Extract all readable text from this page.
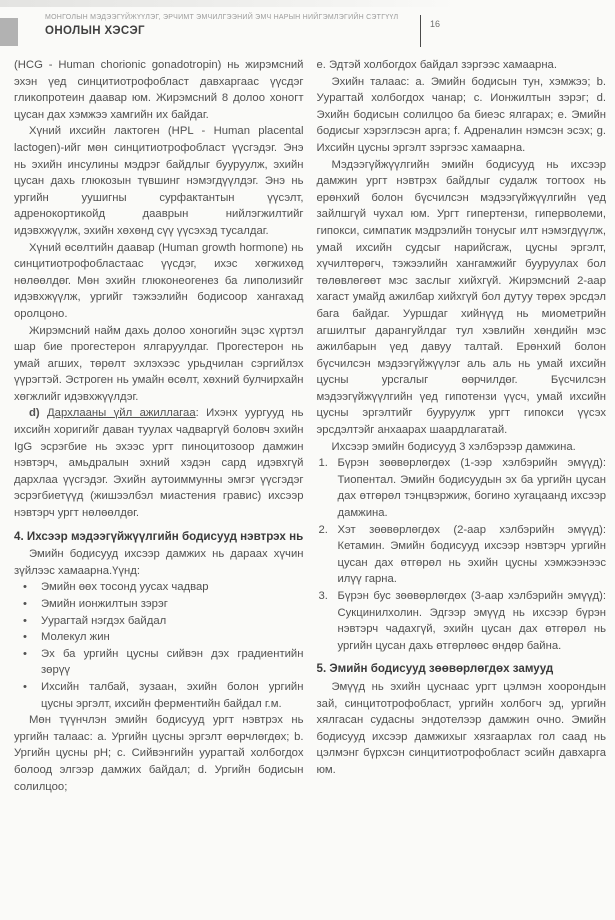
МОНГОЛЫН МЭДЭЭГҮЙЖҮҮЛЭГ, ЭРЧИМТ ЭМЧИЛГЭЭНИЙ ЭМЧ НАРЫН НИЙГЭМЛЭГИЙН СЭТГҮҮЛ
ОНОЛЫН ХЭСЭГ
16

(HCG - Human chorionic gonadotropin) нь жирэмсний эхэн үед синцитиотрофобласт давхаргаас үүсдэг гликопротеин даавар юм. Жирэмсний 8 долоо хоногт цусан дах хэмжээ хамгийн их байдаг.

Хүний ихсийн лактоген (HPL - Human placental lactogen)-ийг мөн синцитиотрофобласт үүсгэдэг. Энэ нь эхийн инсулины мэдрэг байдлыг бууруулж, эхийн цусан дахь глюкозын түвшинг нэмэгдүүлдэг. Энэ нь ургийн уушигны сурфактантын үүсэлт, адренокортикойд дааврын нийлэгжилтийг идэвхжүүлж, эхийн хөхөнд сүү үүсэхэд тусалдаг.

Хүний өсөлтийн даавар (Human growth hormone) нь синцитиотрофобластаас үүсдэг, ихэс хөгжихөд нөлөөлдөг. Мөн эхийн глюконеогенез ба липолизийг идэвхжүүлж, ургийг тэжээлийн бодисоор хангахад оролцоно.

Жирэмсний найм дахь долоо хоногийн эцэс хүртэл шар бие прогестерон ялгаруулдаг. Прогестерон нь умай агших, төрөлт эхлэхээс урьдчилан сэргийлэх үүрэгтэй. Эстроген нь умайн өсөлт, хөхний булчирхайн хөгжлийг идэвхжүүлдэг.

d) Дархлааны үйл ажиллагаа: Ихэнх уургууд нь ихсийн хоригийг даван туулах чадваргүй боловч эхийн IgG эсрэгбие нь эхээс ургт пиноцитозоор дамжин нэвтэрч, амьдралын эхний хэдэн сард идэвхгүй дархлаа үүсгэдэг. Эхийн аутоиммунны эмгэг үүсгэдэг эсрэгбиетүүд (жишээлбэл миастения гравис) ихсээр нэвтэрч ургт нөлөөлдөг.

4. Ихсээр мэдээгүйжүүлгийн бодисууд нэвтрэх нь

Эмийн бодисууд ихсээр дамжих нь дараах хүчин зүйлээс хамаарна.Үүнд:

• Эмийн өөх тосонд уусах чадвар
• Эмийн ионжилтын зэрэг
• Уурагтай нэгдэх байдал
• Молекул жин
• Эх ба ургийн цусны сийвэн дэх градиентийн зөрүү
• Ихсийн талбай, зузаан, эхийн болон ургийн цусны эргэлт, ихсийн ферментийн байдал г.м.

Мөн түүнчлэн эмийн бодисууд ургт нэвтрэх нь ургийн талаас: a. Ургийн цусны эргэлт өөрчлөгдөх; b. Ургийн цусны pH; c. Сийвэнгийн уурагтай холбогдох болоод элгээр дамжих байдал; d. Ургийн бодисын солилцоо;

e. Эдтэй холбогдох байдал зэргээс хамаарна.

Эхийн талаас: a. Эмийн бодисын тун, хэмжээ; b. Уурагтай холбогдох чанар; c. Ионжилтын зэрэг; d. Эхийн бодисын солилцоо ба биеэс ялгарах; e. Эмийн бодисыг хэрэглэсэн арга; f. Адреналин нэмсэн эсэх; g. Ихсийн цусны эргэлт зэргээс хамаарна.

Мэдээгүйжүүлгийн эмийн бодисууд нь ихсээр дамжин ургт нэвтрэх байдлыг судалж тогтоох нь ерөнхий болон бүсчилсэн мэдээгүйжүүлгийн үед зайлшгүй чухал юм. Ургт гипертензи, гиперволеми, гипокси, симпатик мэдрэлийн тонусыг илт нэмэгдүүлж, умай ихсийн судсыг нарийсгаж, цусны эргэлт, хүчилтөрөгч, тэжээлийн хангамжийг бууруулах бол төлөвлөгөөт мэс заслыг хийхгүй. Жирэмсний 2-аар хагаст умайд ажилбар хийхгүй бол дутуу төрөх эрсдэл бага байдаг. Ууршдаг хийнүүд нь миометрийн агшилтыг дарангуйлдаг тул хэвлийн хөндийн мэс ажилбарын үед давуу талтай. Ерөнхий болон бүсчилсэн мэдээгүйжүүлэг аль аль нь умай ихсийн цусны урсгалыг өөрчилдөг. Бүсчилсэн мэдээгүйжүүлгийн үед гипотензи үүсч, умай ихсийн цусны эргэлтийг бууруулж ургт гипокси үүсэх эрсдэлтэйг анхаарах шаардлагатай.

Ихсээр эмийн бодисууд 3 хэлбэрээр дамжина.

1. Бүрэн зөөвөрлөгдөх (1-ээр хэлбэрийн эмүүд): Тиопентал. Эмийн бодисуудын эх ба ургийн цусан дах өтгөрөл тэнцвэржиж, богино хугацаанд ихсээр дамжина.
2. Хэт зөөвөрлөгдөх (2-аар хэлбэрийн эмүүд): Кетамин. Эмийн бодисууд ихсээр нэвтэрч ургийн цусан дах өтгөрөл нь эхийн цусны хэмжээнээс илүү гарна.
3. Бүрэн бус зөөвөрлөгдөх (3-аар хэлбэрийн эмүүд): Сукцинилхолин. Эдгээр эмүүд нь ихсээр бүрэн нэвтэрч чадахгүй, эхийн цусан дах өтгөрөл нь ургийн цусан дахь өтгөрлөөс өндөр байна.
5. Эмийн бодисууд зөөвөрлөгдөх замууд

Эмүүд нь эхийн цуснаас ургт цэлмэн хоорондын зай, синцитотрофобласт, ургийн холбогч эд, ургийн хялгасан судасны эндотелээр дамжин очно. Эмийн бодисууд ихсээр дамжихыг хязгаарлах гол саад нь цэлмэнг бүрхсэн синцитиотрофобласт эсийн давхарга юм.
